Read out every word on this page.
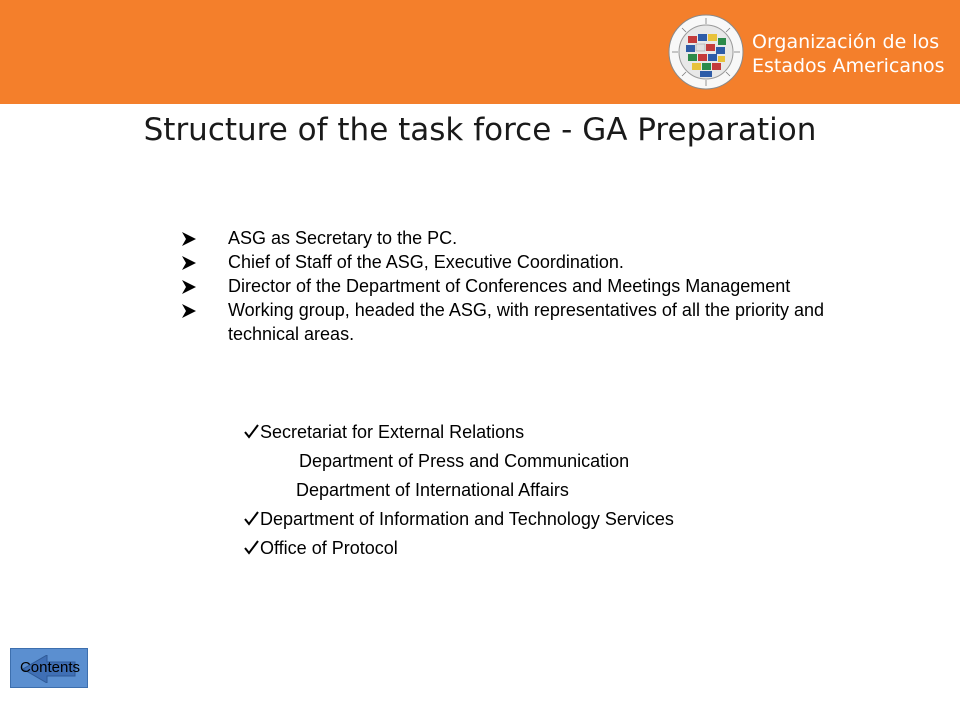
Organización de los
Estados Americanos
Structure of the task force - GA Preparation
ASG as Secretary to the PC.
Chief of Staff of the ASG, Executive Coordination.
Director of the Department of Conferences and Meetings Management
Working group, headed the ASG, with representatives of all the priority and technical areas.
Secretariat for External Relations
Department of Press and Communication
Department of International Affairs
Department of Information and Technology Services
Office of Protocol
Contents
